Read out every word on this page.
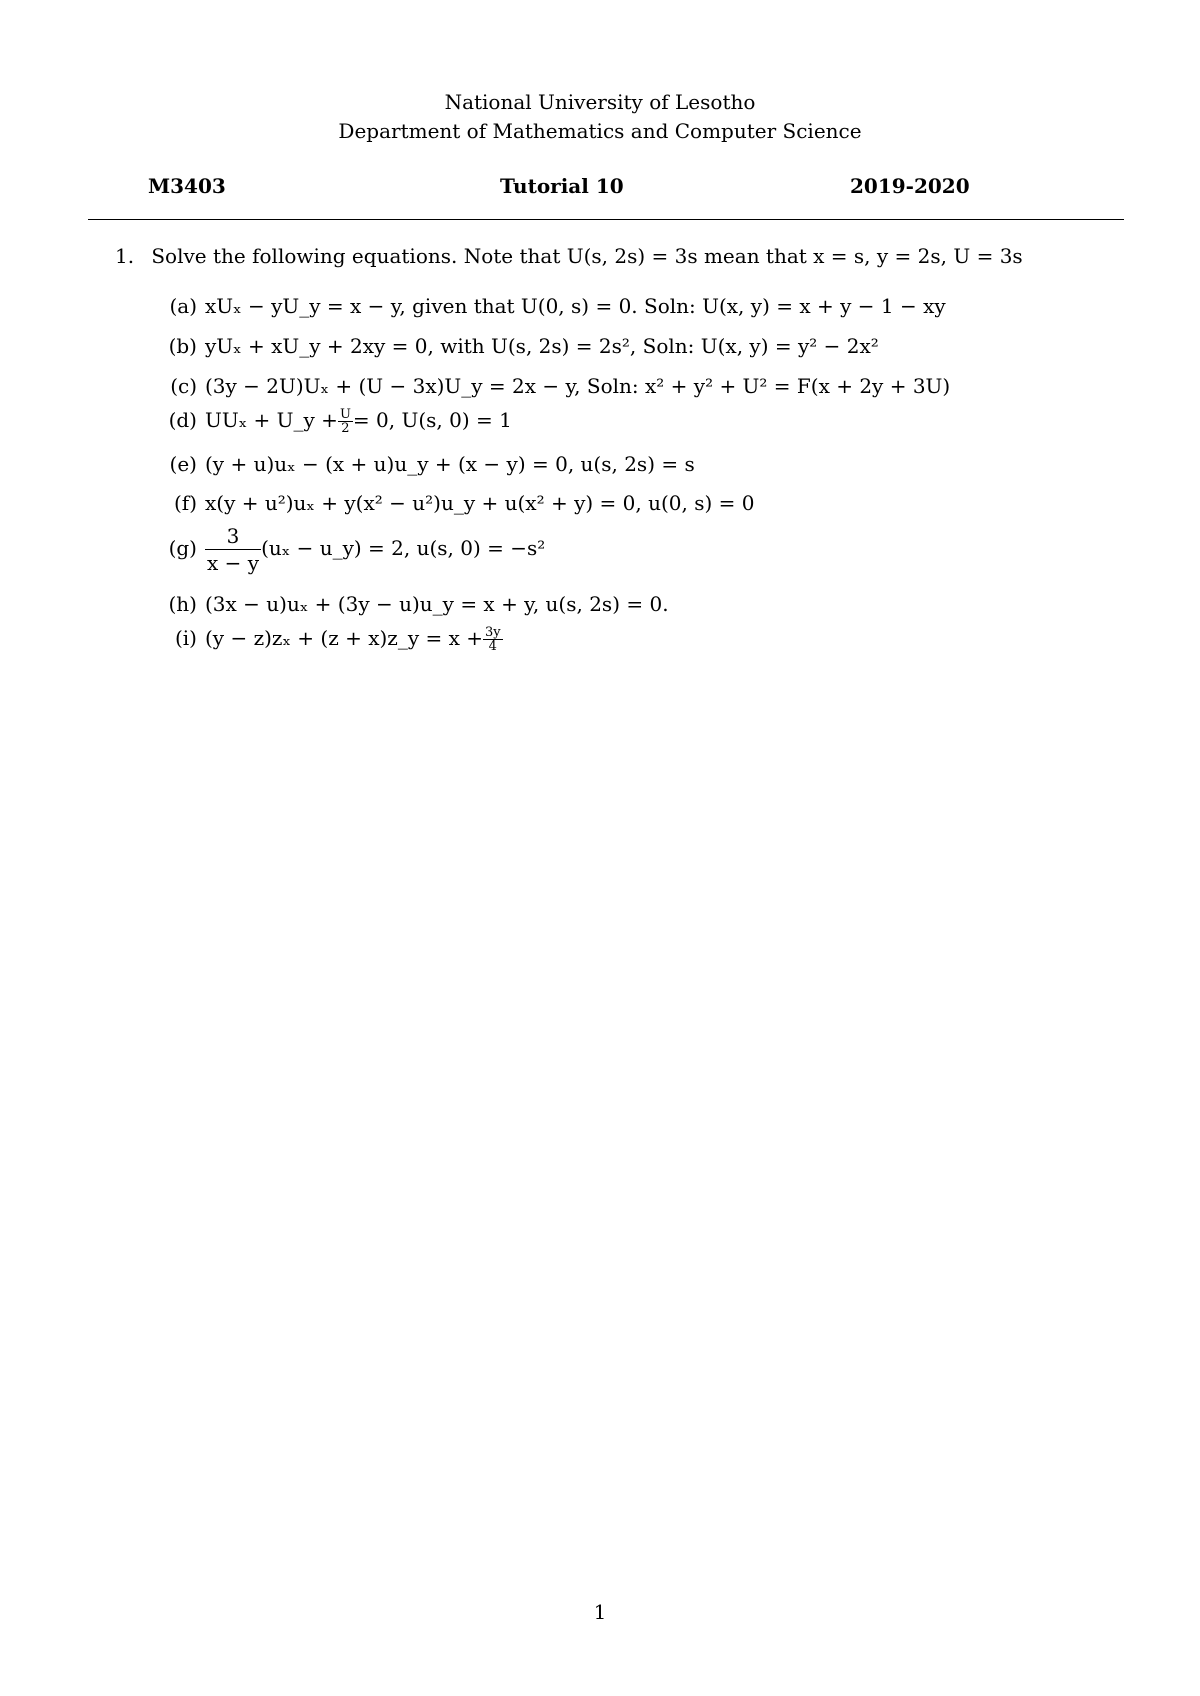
National University of Lesotho
Department of Mathematics and Computer Science
M3403	Tutorial 10	2019-2020
1. Solve the following equations. Note that U(s, 2s) = 3s mean that x = s, y = 2s, U = 3s
(a) xUₓ − yU_y = x − y, given that U(0, s) = 0. Soln: U(x, y) = x + y − 1 − xy
(b) yUₓ + xU_y + 2xy = 0, with U(s, 2s) = 2s², Soln: U(x, y) = y² − 2x²
(c) (3y − 2U)Uₓ + (U − 3x)U_y = 2x − y, Soln: x² + y² + U² = F(x + 2y + 3U)
(d) UUₓ + U_y + $\frac{U}{2} = 0$, U(s, 0) = 1
(e) (y + u)uₓ − (x + u)u_y + (x − y) = 0, u(s, 2s) = s
(f) x(y + u²)uₓ + y(x² − u²)u_y + u(x² + y) = 0, u(0, s) = 0
$(g) \frac{3}{x - y} (u_x$ − u_y) = 2, u(s, 0) = −s²
(h) (3x − u)uₓ + (3y − u)u_y = x + y, u(s, 2s) = 0.
(i) (y − z)zₓ + (z + x)z_y = $x + \frac{3y}{4}$
1
